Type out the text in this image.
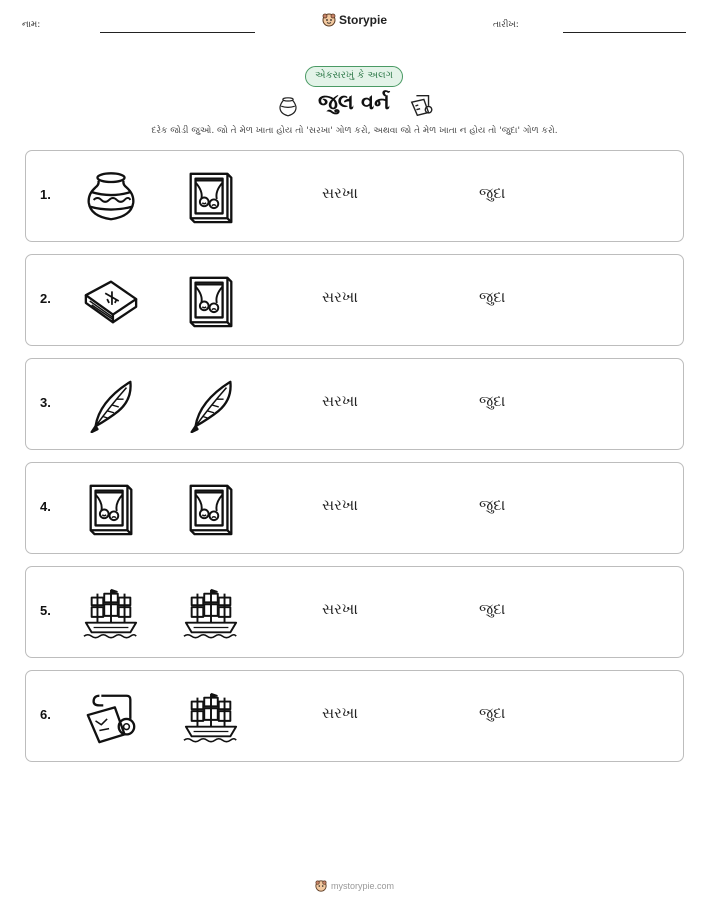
નામ:	Storypie	તારીખ:
એકસરખું કે અલગ
જુલ વર્ન
દરેક જોડી જુઓ. જો તે મેળ ખાતા હોય તો 'સરખા' ગોળ કરો, અથવા જો તે મેળ ખાતા ન હોય તો 'જુદા' ગોળ કરો.
1.	સરખા	જુદા
2.	સરખા	જુદા
3.	સરખા	જુદા
4.	સરખા	જુદા
5.	સરખા	જુદા
6.	સરખા	જુદા
mystorypie.com
